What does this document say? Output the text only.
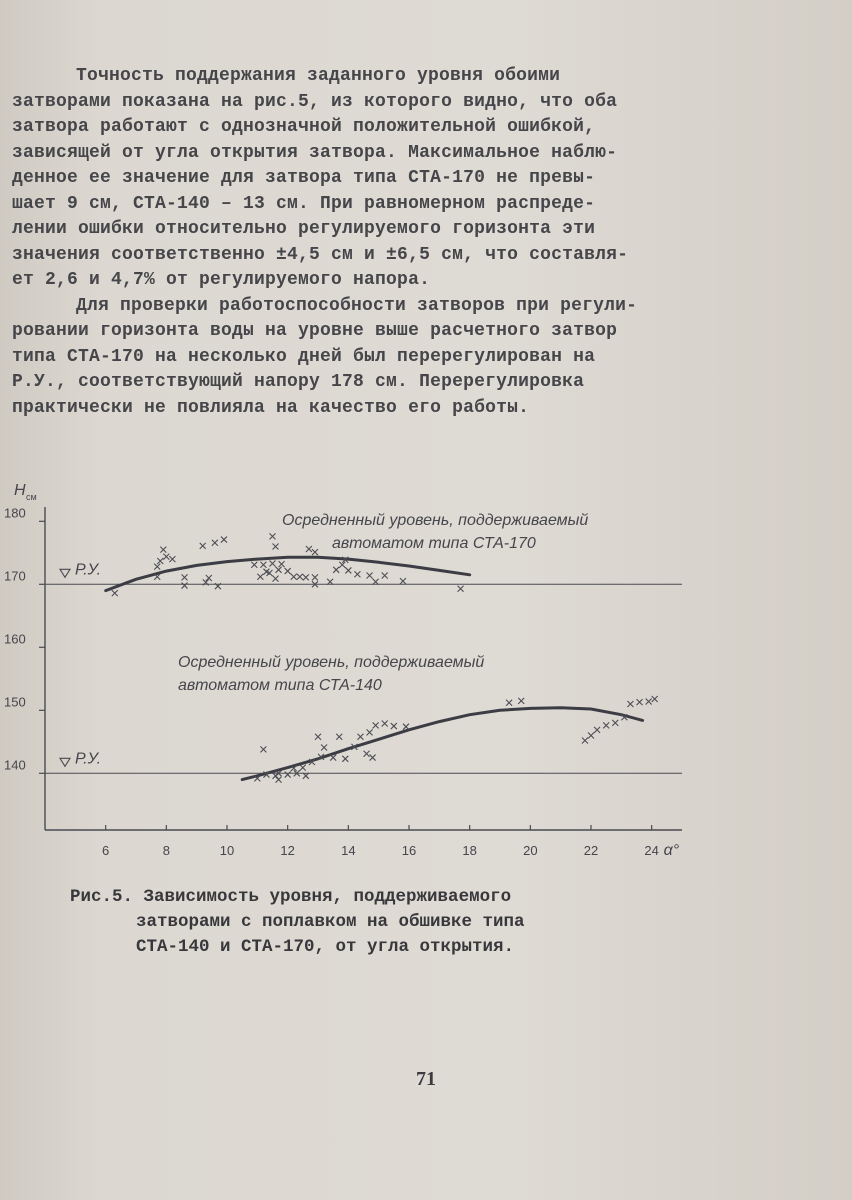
Точность поддержания заданного уровня обоими
затворами показана на рис.5, из которого видно, что оба
затвора работают с однозначной положительной ошибкой,
зависящей от угла открытия затвора. Максимальное наблю-
денное ее значение для затвора типа СТА-170 не превы-
шает 9 см, СТА-140 – 13 см. При равномерном распреде-
лении ошибки относительно регулируемого горизонта эти
значения соответственно ±4,5 см и ±6,5 см, что составля-
ет 2,6 и 4,7% от регулируемого напора.

Для проверки работоспособности затворов при регули-
ровании горизонта воды на уровне выше расчетного затвор
типа СТА-170 на несколько дней был перерегулирован на
Р.У., соответствующий напору 178 см. Перерегулировка
практически не повлияла на качество его работы.

H см
140
150
160
170
180
6	8	10	12	14	16	18	20	22	24 α°
Р.У.
Р.У.
Осредненный уровень, поддерживаемый
автоматом типа СТА-170
Осредненный уровень, поддерживаемый
автоматом типа СТА-140
Рис.5. Зависимость уровня, поддерживаемого
затворами с поплавком на обшивке типа
СТА-140 и СТА-170, от угла открытия.
71
